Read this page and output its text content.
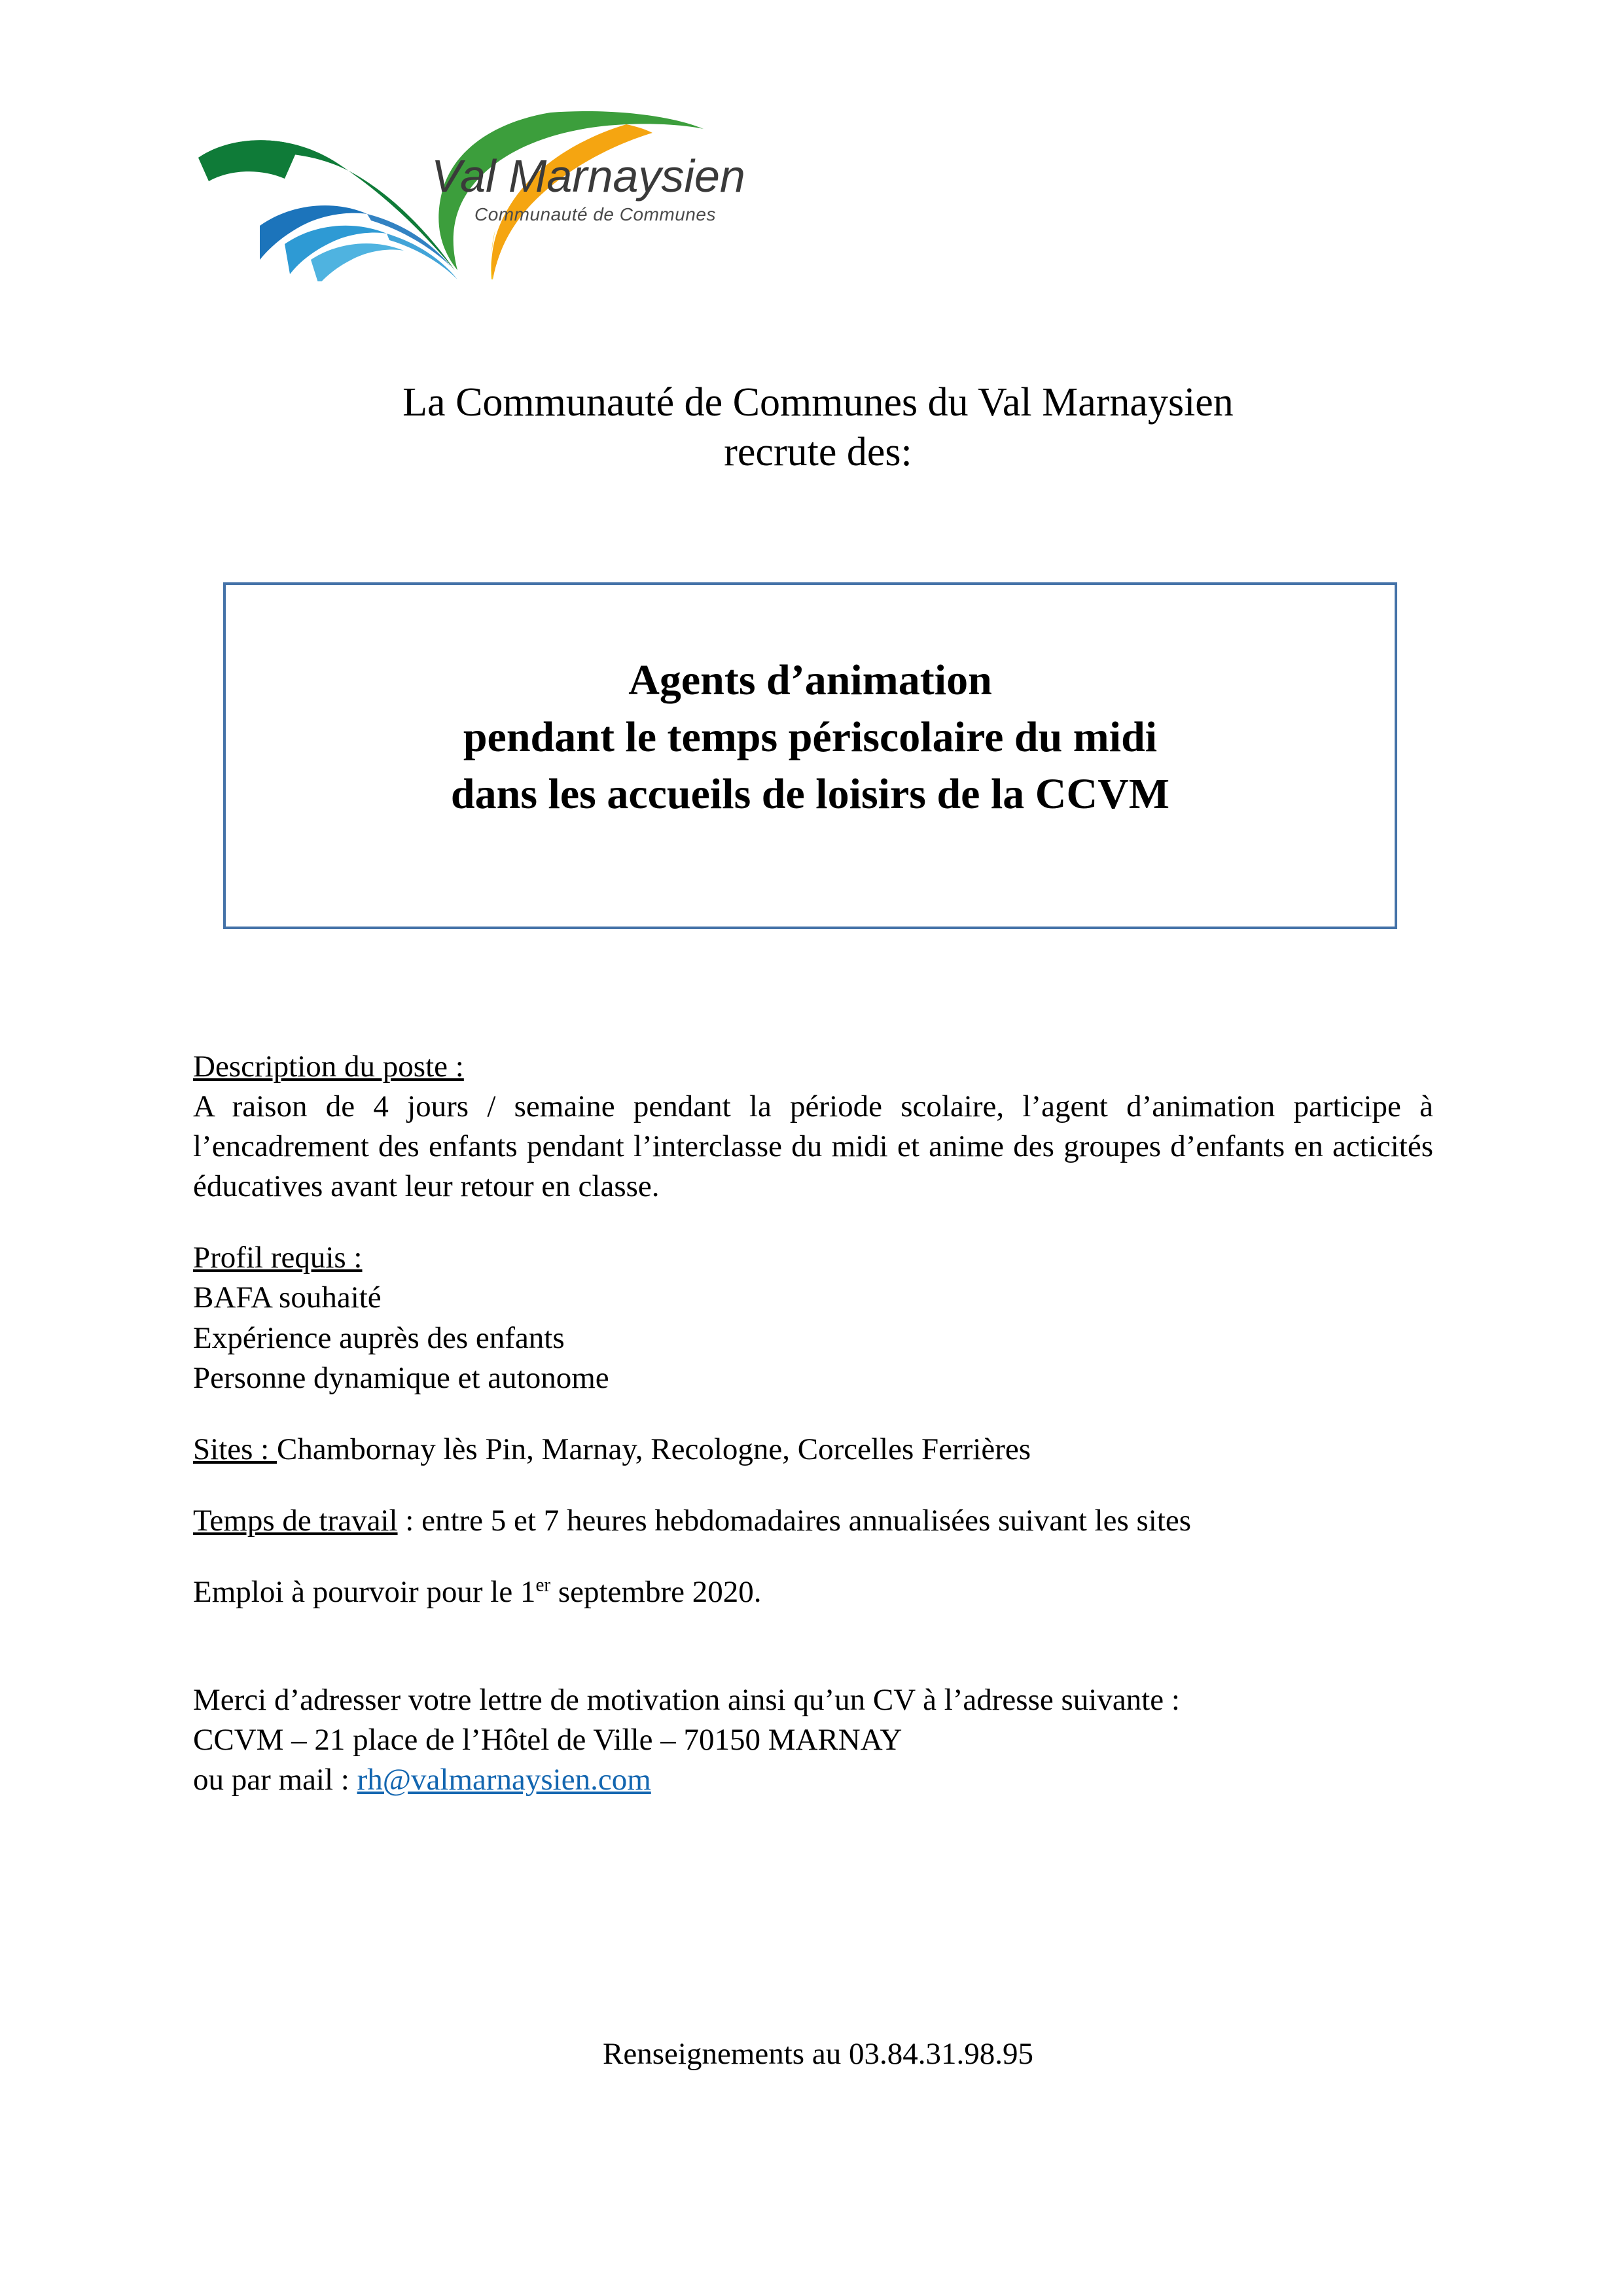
Val Marnaysien
Communauté de Communes
La Communauté de Communes du Val Marnaysien
recrute des:
Agents d’animation
pendant le temps périscolaire du midi
dans les accueils de loisirs de la CCVM

Description du poste :

A raison de 4 jours / semaine pendant la période scolaire, l’agent d’animation participe à l’encadrement des enfants pendant l’interclasse du midi et anime des groupes d’enfants en acticités éducatives avant leur retour en classe.

Profil requis :

BAFA souhaité

Expérience auprès des enfants

Personne dynamique et autonome

Sites : Chambornay lès Pin, Marnay, Recologne, Corcelles Ferrières

Temps de travail : entre 5 et 7 heures hebdomadaires annualisées suivant les sites

Emploi à pourvoir pour le 1er septembre 2020.

Merci d’adresser votre lettre de motivation ainsi qu’un CV à l’adresse suivante :

CCVM – 21 place de l’Hôtel de Ville – 70150 MARNAY

ou par mail : rh@valmarnaysien.com

Renseignements au 03.84.31.98.95
